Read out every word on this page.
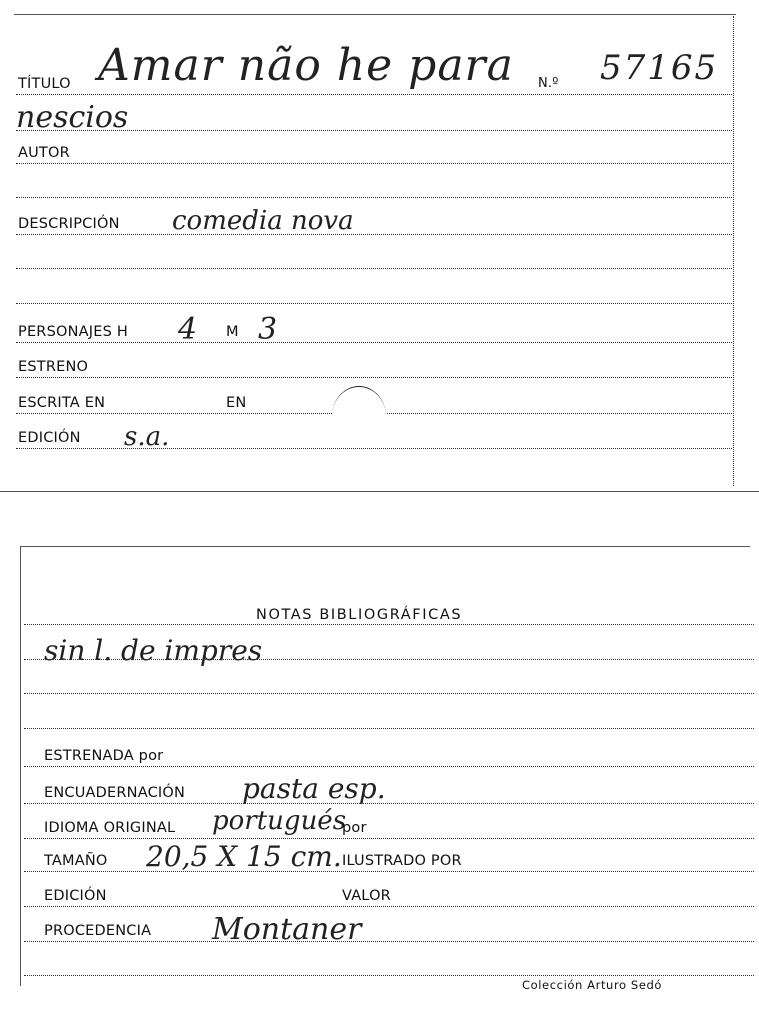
TÍTULO Amar não he para N.º 57165
nescios
AUTOR
DESCRIPCIÓN comedia nova
PERSONAJES H 4 M 3
ESTRENO
ESCRITA EN	EN
EDICIÓN s.a.
NOTAS BIBLIOGRÁFICAS
sin l. de impres
ESTRENADA por
ENCUADERNACIÓN pasta esp.
IDIOMA ORIGINAL portugués
por
TAMAÑO 20,5 X 15 cm. ILUSTRADO POR
EDICIÓN	VALOR
PROCEDENCIA Montaner
Colección Arturo Sedó
